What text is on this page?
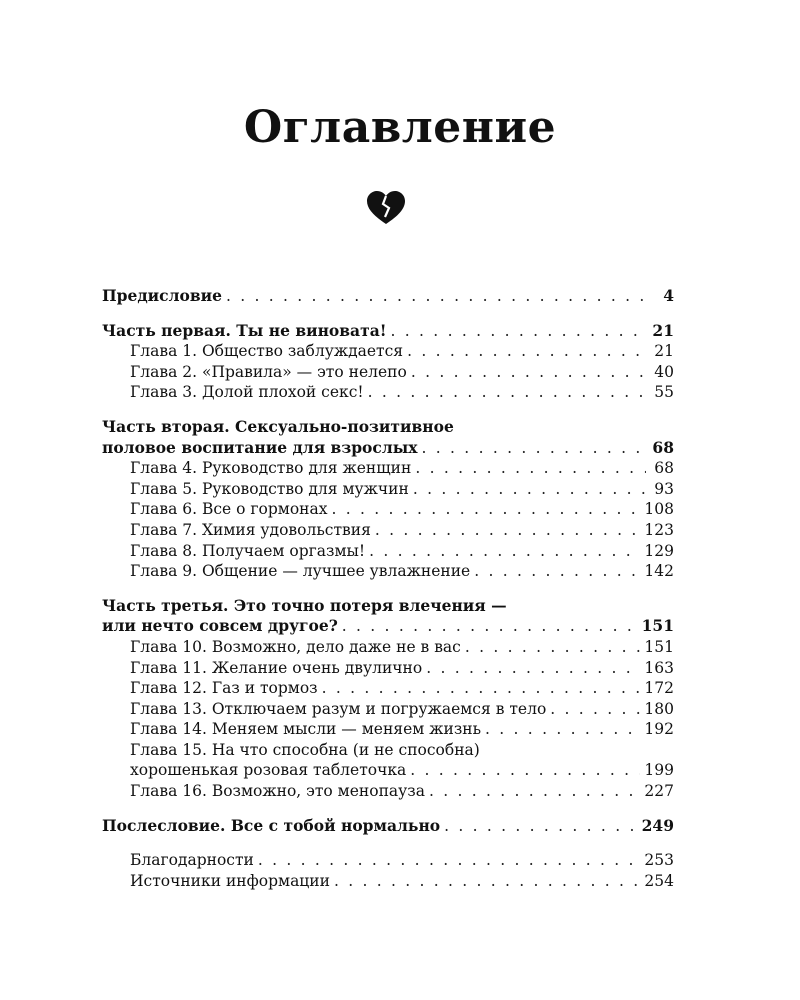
Оглавление
Предисловие . . .	4
Часть первая. Ты не виновата! . . .	21
Глава 1. Общество заблуждается . . .	21
Глава 2. «Правила» — это нелепо . . .	40
Глава 3. Долой плохой секс! . . .	55
Часть вторая. Сексуально-позитивное
половое воспитание для взрослых . . .	68
Глава 4. Руководство для женщин . . .	68
Глава 5. Руководство для мужчин . . .	93
Глава 6. Все о гормонах . . .	108
Глава 7. Химия удовольствия . . .	123
Глава 8. Получаем оргазмы! . . .	129
Глава 9. Общение — лучшее увлажнение . . .	142
Часть третья. Это точно потеря влечения —
или нечто совсем другое? . . .	151
Глава 10. Возможно, дело даже не в вас . . .	151
Глава 11. Желание очень двулично . . .	163
Глава 12. Газ и тормоз . . .	172
Глава 13. Отключаем разум и погружаемся в тело . . .	180
Глава 14. Меняем мысли — меняем жизнь . . .	192
Глава 15. На что способна (и не способна)
хорошенькая розовая таблеточка . . .	199
Глава 16. Возможно, это менопауза . . .	227
Послесловие. Все с тобой нормально . . .	249
Благодарности . . .	253
Источники информации . . .	254
